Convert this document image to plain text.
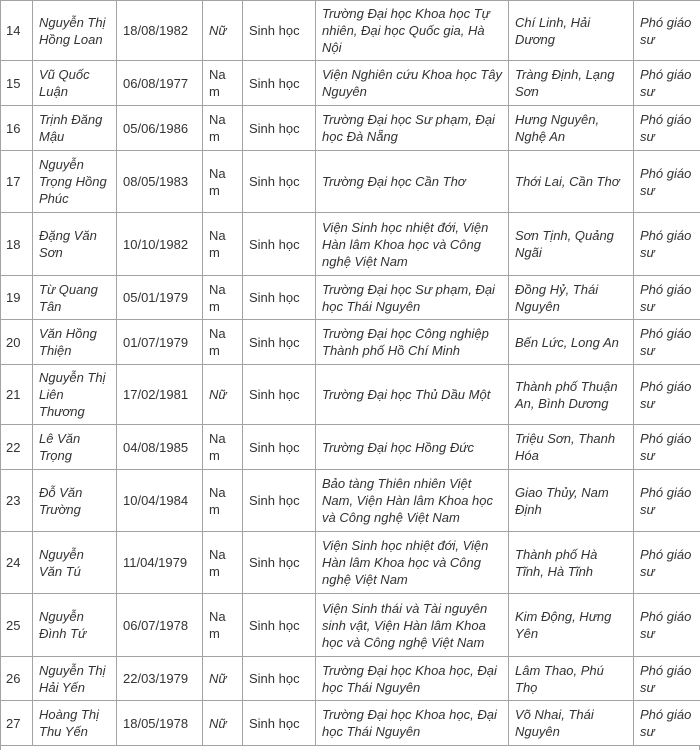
14	Nguyễn Thị Hồng Loan	18/08/1982	Nữ	Sinh học	Trường Đại học Khoa học Tự nhiên, Đại học Quốc gia, Hà Nội	Chí Linh, Hải Dương	Phó giáo sư
15	Vũ Quốc Luận	06/08/1977	Nam	Sinh học	Viện Nghiên cứu Khoa học Tây Nguyên	Tràng Định, Lạng Sơn	Phó giáo sư
16	Trịnh Đăng Mậu	05/06/1986	Nam	Sinh học	Trường Đại học Sư phạm, Đại học Đà Nẵng	Hưng Nguyên, Nghệ An	Phó giáo sư
17	Nguyễn Trọng Hồng Phúc	08/05/1983	Nam	Sinh học	Trường Đại học Cần Thơ	Thới Lai, Cần Thơ	Phó giáo sư
18	Đặng Văn Sơn	10/10/1982	Nam	Sinh học	Viện Sinh học nhiệt đới, Viện Hàn lâm Khoa học và Công nghệ Việt Nam	Sơn Tịnh, Quảng Ngãi	Phó giáo sư
19	Từ Quang Tân	05/01/1979	Nam	Sinh học	Trường Đại học Sư phạm, Đại học Thái Nguyên	Đồng Hỷ, Thái Nguyên	Phó giáo sư
20	Văn Hồng Thiện	01/07/1979	Nam	Sinh học	Trường Đại học Công nghiệp Thành phố Hồ Chí Minh	Bến Lức, Long An	Phó giáo sư
21	Nguyễn Thị Liên Thương	17/02/1981	Nữ	Sinh học	Trường Đại học Thủ Dầu Một	Thành phố Thuận An, Bình Dương	Phó giáo sư
22	Lê Văn Trọng	04/08/1985	Nam	Sinh học	Trường Đại học Hồng Đức	Triệu Sơn, Thanh Hóa	Phó giáo sư
23	Đỗ Văn Trường	10/04/1984	Nam	Sinh học	Bảo tàng Thiên nhiên Việt Nam, Viện Hàn lâm Khoa học và Công nghệ Việt Nam	Giao Thủy, Nam Định	Phó giáo sư
24	Nguyễn Văn Tú	11/04/1979	Nam	Sinh học	Viện Sinh học nhiệt đới, Viện Hàn lâm Khoa học và Công nghệ Việt Nam	Thành phố Hà Tĩnh, Hà Tĩnh	Phó giáo sư
25	Nguyễn Đình Tứ	06/07/1978	Nam	Sinh học	Viện Sinh thái và Tài nguyên sinh vật, Viện Hàn lâm Khoa học và Công nghệ Việt Nam	Kim Động, Hưng Yên	Phó giáo sư
26	Nguyễn Thị Hải Yến	22/03/1979	Nữ	Sinh học	Trường Đại học Khoa học, Đại học Thái Nguyên	Lâm Thao, Phú Thọ	Phó giáo sư
27	Hoàng Thị Thu Yến	18/05/1978	Nữ	Sinh học	Trường Đại học Khoa học, Đại học Thái Nguyên	Võ Nhai, Thái Nguyên	Phó giáo sư
